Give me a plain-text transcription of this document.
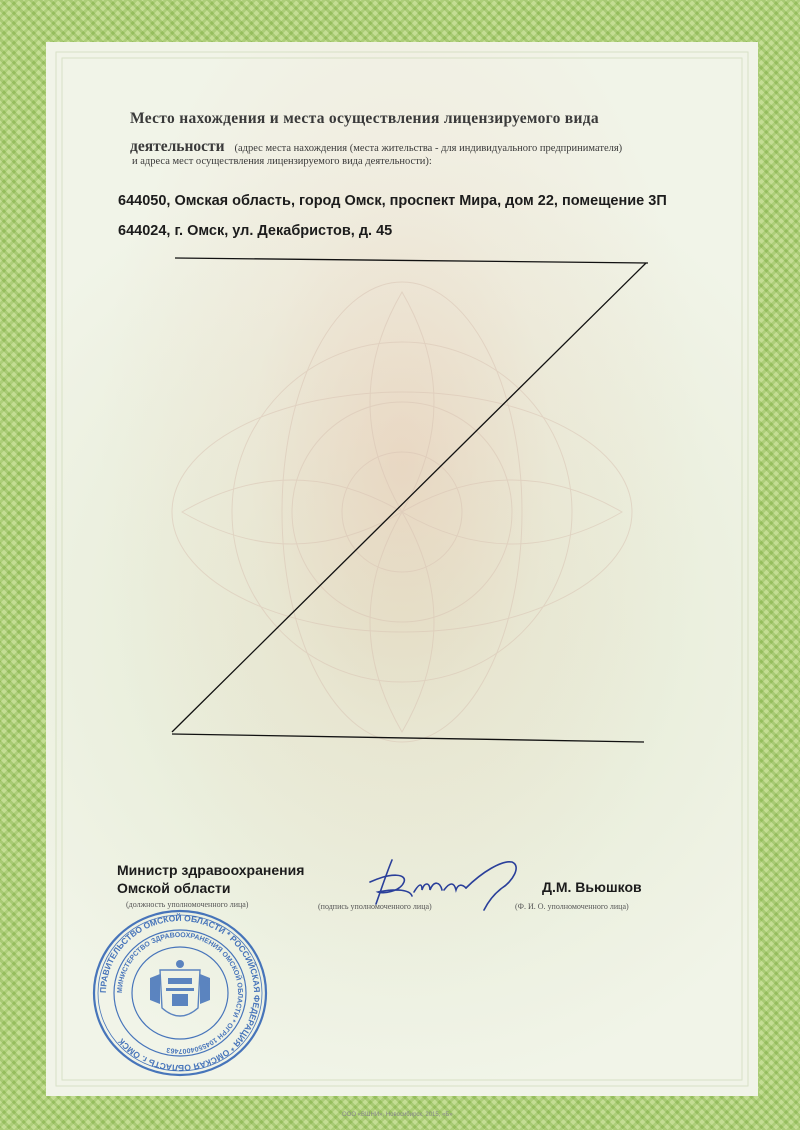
Место нахождения и места осуществления лицензируемого вида
деятельности (адрес места нахождения (места жительства - для индивидуального предпринимателя)
и адреса мест осуществления лицензируемого вида деятельности):
644050, Омская область, город Омск, проспект Мира, дом 22, помещение 3П
644024, г. Омск, ул. Декабристов, д. 45
Министр здравоохранения
Омской области	Д.М. Вьюшков
(должность уполномоченного лица)	(подпись уполномоченного лица)	(Ф. И. О. уполномоченного лица)
ПРАВИТЕЛЬСТВО ОМСКОЙ ОБЛАСТИ * РОССИЙСКАЯ ФЕДЕРАЦИЯ * ОМСКАЯ ОБЛАСТЬ г. ОМСК
МИНИСТЕРСТВО ЗДРАВООХРАНЕНИЯ ОМСКОЙ ОБЛАСТИ * ОГРН 1045504007463
ООО «ВШНИ», Новосибирск, 2015, «Б»
